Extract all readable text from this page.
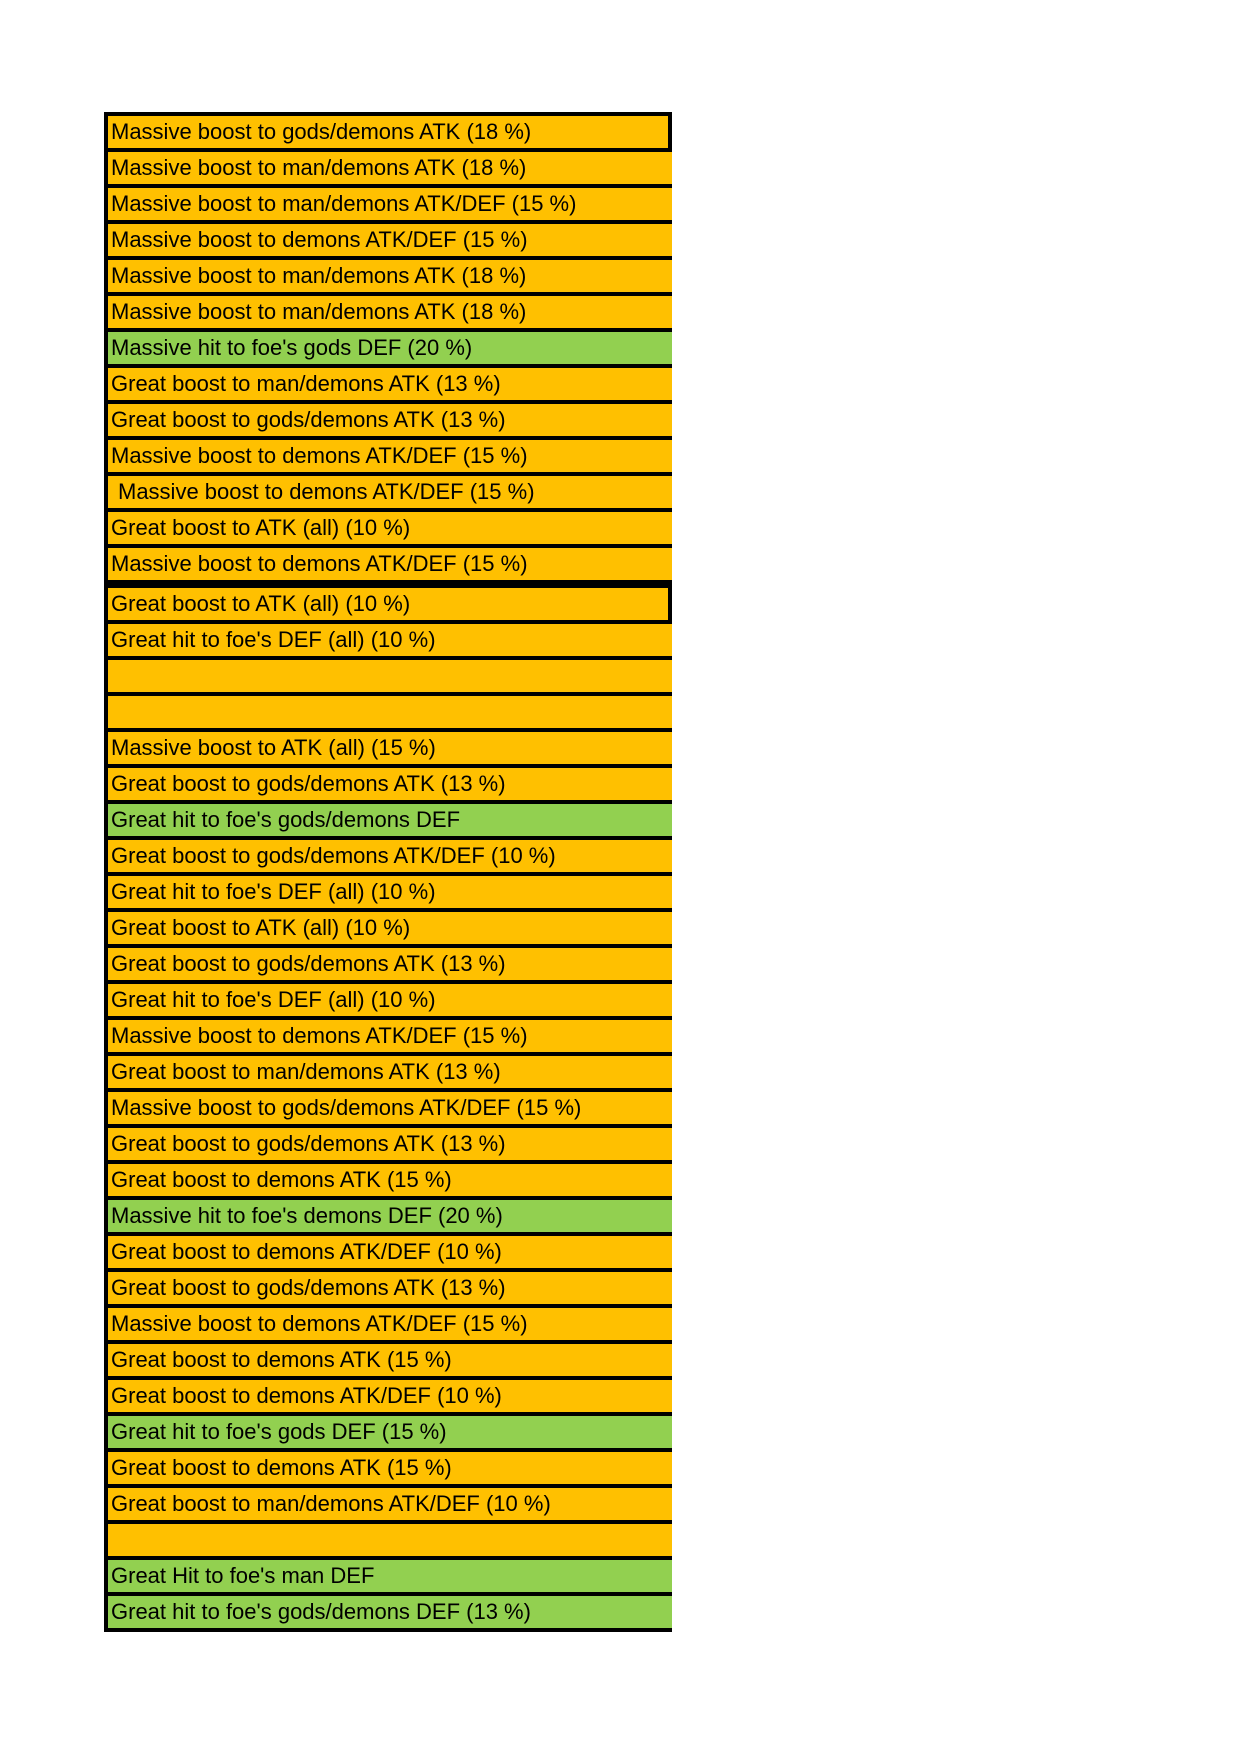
Massive boost to gods/demons ATK (18 %)
Massive boost to man/demons ATK (18 %)
Massive boost to man/demons ATK/DEF (15 %)
Massive boost to demons ATK/DEF (15 %)
Massive boost to man/demons ATK (18 %)
Massive boost to man/demons ATK (18 %)
Massive hit to foe's gods DEF (20 %)
Great boost to man/demons ATK (13 %)
Great boost to gods/demons ATK (13 %)
Massive boost to demons ATK/DEF (15 %)
Massive boost to demons ATK/DEF (15 %)
Great boost to ATK (all) (10 %)
Massive boost to demons ATK/DEF (15 %)
Great boost to ATK (all) (10 %)
Great hit to foe's DEF (all) (10 %)
Massive boost to ATK (all) (15 %)
Great boost to gods/demons ATK (13 %)
Great hit to foe's gods/demons DEF
Great boost to gods/demons ATK/DEF (10 %)
Great hit to foe's DEF (all) (10 %)
Great boost to ATK (all) (10 %)
Great boost to gods/demons ATK (13 %)
Great hit to foe's DEF (all) (10 %)
Massive boost to demons ATK/DEF (15 %)
Great boost to man/demons ATK (13 %)
Massive boost to gods/demons ATK/DEF (15 %)
Great boost to gods/demons ATK (13 %)
Great boost to demons ATK (15 %)
Massive hit to foe's demons DEF (20 %)
Great boost to demons ATK/DEF (10 %)
Great boost to gods/demons ATK (13 %)
Massive boost to demons ATK/DEF (15 %)
Great boost to demons ATK (15 %)
Great boost to demons ATK/DEF (10 %)
Great hit to foe's gods DEF (15 %)
Great boost to demons ATK (15 %)
Great boost to man/demons ATK/DEF (10 %)
Great Hit to foe's man DEF
Great hit to foe's gods/demons DEF (13 %)
